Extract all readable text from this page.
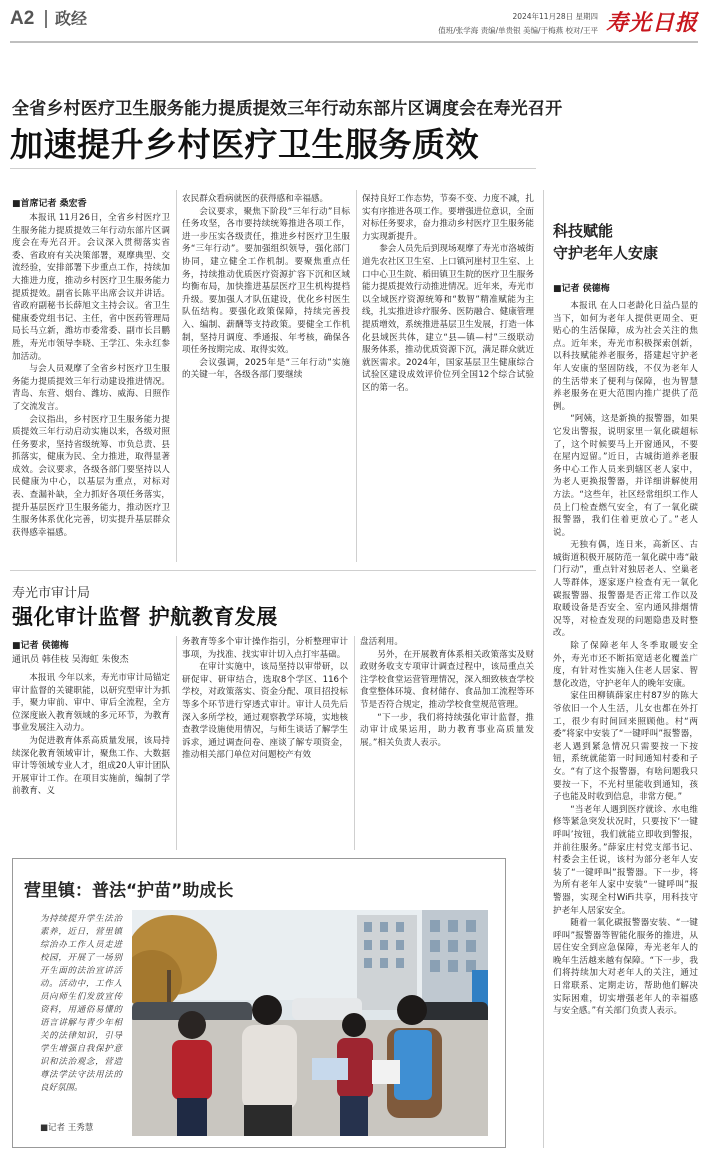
A2	政经	2024年11月28日 星期四
值班/张学海 责编/单贵银 美编/于梅燕 校对/王平 寿光日报
全省乡村医疗卫生服务能力提质提效三年行动东部片区调度会在寿光召开
加速提升乡村医疗卫生服务质效
■首席记者 桑宏香

本报讯 11月26日，全省乡村医疗卫生服务能力提质提效三年行动东部片区调度会在寿光召开。会议深入贯彻落实省委、省政府有关决策部署，观摩典型、交流经验，安排部署下步重点工作，持续加大推进力度，推动乡村医疗卫生服务能力提质提效。副省长陈平出席会议并讲话。省政府副秘书长薛旭文主持会议。省卫生健康委党组书记、主任，省中医药管理局局长马立新，潍坊市委常委、副市长吕鹏胜，寿光市领导李晓、王学江、朱永红参加活动。

与会人员观摩了全省乡村医疗卫生服务能力提质提效三年行动建设推进情况。青岛、东营、烟台、潍坊、威海、日照作了交流发言。

会议指出，乡村医疗卫生服务能力提质提效三年行动启动实施以来，各级对照任务要求，坚持省级统筹、市负总责、县抓落实，健康为民、全力推进，取得显著成效。会议要求，各级各部门要坚持以人民健康为中心，以基层为重点，对标对表、查漏补缺，全力抓好各项任务落实，提升基层医疗卫生服务能力，推动医疗卫生服务体系优化完善，切实提升基层群众获得感幸福感。

农民群众看病就医的获得感和幸福感。

会议要求，聚焦下阶段“三年行动”目标任务攻坚，各市要持续统筹推进各项工作，进一步压实各级责任，推进乡村医疗卫生服务“三年行动”。要加强组织领导，强化部门协同，建立健全工作机制。要聚焦重点任务，持续推动优质医疗资源扩容下沉和区域均衡布局，加快推进基层医疗卫生机构提档升级。要加强人才队伍建设，优化乡村医生队伍结构。要强化政策保障，持续完善投入、编制、薪酬等支持政策。要健全工作机制，坚持月调度、季通报、年考核，确保各项任务按期完成、取得实效。

会议强调，2025年是“三年行动”实施的关键一年，各级各部门要继续

保持良好工作态势，节奏不变、力度不减，扎实有序推进各项工作。要增强进位意识，全面对标任务要求，奋力推动乡村医疗卫生服务能力实现新提升。

参会人员先后到现场观摩了寿光市洛城街道先农社区卫生室、上口镇河崖村卫生室、上口中心卫生院、稻田镇卫生院的医疗卫生服务能力提质提效行动推进情况。近年来，寿光市以全域医疗资源统筹和“数智”精准赋能为主线，扎实推进诊疗服务、医防融合、健康管理提质增效，系统推进基层卫生发展，打造一体化县域医共体，建立“县—镇—村”三级联动服务体系，推动优质资源下沉，满足群众就近就医需求。2024年，国家基层卫生健康综合试验区建设成效评价位列全国12个综合试验区的第一名。

科技赋能
守护老年人安康
■记者 侯德梅

本报讯 在人口老龄化日益凸显的当下，如何为老年人提供更周全、更贴心的生活保障，成为社会关注的焦点。近年来，寿光市积极探索创新，以科技赋能养老服务，搭建起守护老年人安康的坚固防线，不仅为老年人的生活带来了便利与保障，也为智慧养老服务在更大范围内推广提供了范例。

“阿姨，这是新换的报警器，如果它发出警报，说明家里一氧化碳超标了，这个时候要马上开窗通风，不要在屋内逗留。”近日，古城街道养老服务中心工作人员来到辖区老人家中，为老人更换报警器，并详细讲解使用方法。“这些年，社区经常组织工作人员上门检查燃气安全，有了一氧化碳报警器，我们住着更放心了。”老人说。

无独有偶，连日来，高新区、古城街道积极开展防范一氧化碳中毒“敲门行动”，重点针对独居老人、空巢老人等群体，逐家逐户检查有无一氧化碳报警器、报警器是否正常工作以及取暖设备是否安全、室内通风排烟情况等，对检查发现的问题隐患及时整改。

除了保障老年人冬季取暖安全外，寿光市还不断拓宽适老化覆盖广度，有针对性实施入住老人居家、智慧化改造，守护老年人的晚年安康。

家住田柳镇薛家庄村87岁的陈大爷依旧一个人生活，儿女也都在外打工，很少有时间回来照顾他。村“两委”将家中安装了“一键呼叫”报警器，老人遇到紧急情况只需要按一下按钮，系统就能第一时间通知村委和子女。“有了这个报警器，有啥问题我只要按一下，不光村里能收到通知，孩子也能及时收到信息，非常方便。”

“当老年人遇到医疗就诊、水电维修等紧急突发状况时，只要按下‘一键呼叫’按钮，我们就能立即收到警报，并前往服务。”薛家庄村党支部书记、村委会主任说，该村为部分老年人安装了“一键呼叫”报警器。下一步，将为所有老年人家中安装“一键呼叫”报警器，实现全村WiFi共享，用科技守护老年人居家安全。

随着一氧化碳报警器安装、“一键呼叫”报警器等智能化服务的推进，从居住安全到应急保障，寿光老年人的晚年生活越来越有保障。“下一步，我们将持续加大对老年人的关注，通过日常联系、定期走访，帮助他们解决实际困难，切实增强老年人的幸福感与安全感。”有关部门负责人表示。

寿光市审计局
强化审计监督 护航教育发展
■记者 侯德梅
通讯员 韩佳枝 吴海虹 朱俊杰

本报讯 今年以来，寿光市审计局锚定审计监督的关键职能，以研究型审计为抓手，聚力审前、审中、审后全流程，全方位深度嵌入教育领域的多元环节，为教育事业发展注入动力。

为促进教育体系高质量发展，该局持续深化教育领域审计，聚焦工作、大数据审计等领域专业人才，组成20人审计团队开展审计工作。在项目实施前，编制了学前教育、义

务教育等多个审计操作指引，分析整理审计事项，为找准、找实审计切入点打牢基础。

在审计实施中，该局坚持以审带研，以研促审、研审结合，选取8个学区、116个学校，对政策落实、资金分配、项目招投标等多个环节进行穿透式审计。审计人员先后深入多所学校，通过观察教学环境，实地核查教学设施使用情况，与师生谈话了解学生诉求，通过调查问卷、座谈了解专项资金，推动相关部门单位对问题校产有效

盘活利用。

另外，在开展教育体系相关政策落实及财政财务收支专项审计调查过程中，该局重点关注学校食堂运营管理情况，深入细致核查学校食堂整体环境、食材储存、食品加工流程等环节是否符合规定，推动学校食堂规范管理。

“下一步，我们将持续强化审计监督，推动审计成果运用，助力教育事业高质量发展。”相关负责人表示。

营里镇：普法“护苗”助成长
为持续提升学生法治素养，近日，营里镇综治办工作人员走进校园，开展了一场别开生面的法治宣讲活动。活动中，工作人员向师生们发放宣传资料，用通俗易懂的语言讲解与青少年相关的法律知识，引导学生增强自我保护意识和法治观念，营造尊法学法守法用法的良好氛围。
■记者 王秀慧
